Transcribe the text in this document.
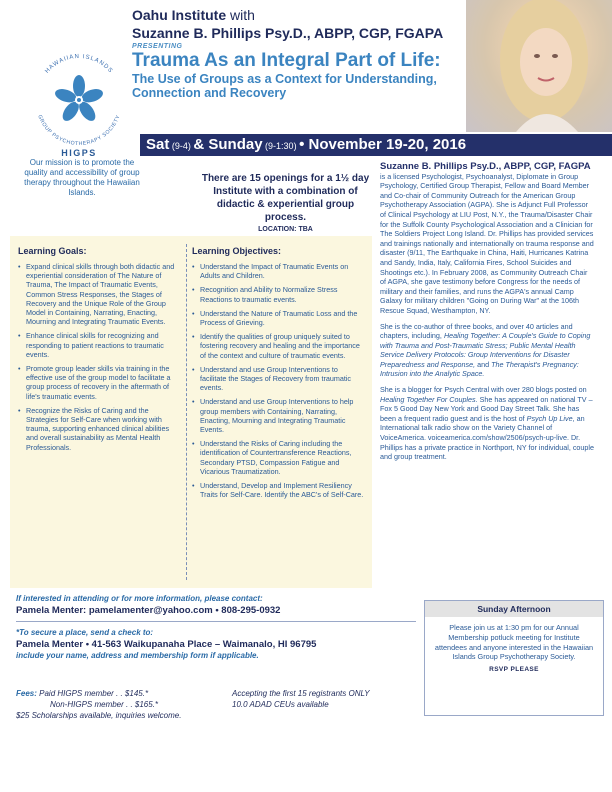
HAWAIIAN ISLANDS
GROUP PSYCHOTHERAPY SOCIETY
HIGPS
Oahu Institute with
Suzanne B. Phillips Psy.D., ABPP, CGP, FGAPA
PRESENTING
Trauma As an Integral Part of Life:
The Use of Groups as a Context for Understanding, Connection and Recovery
Sat (9-4) & Sunday (9-1:30) • November 19-20, 2016
Our mission is to promote the quality and accessibility of group therapy throughout the Hawaiian Islands.
There are 15 openings for a 1½ day Institute with a combination of didactic & experiential group process.
LOCATION: TBA

Suzanne B. Phillips Psy.D., ABPP, CGP, FAGPA is a licensed Psychologist, Psychoanalyst, Diplomate in Group Psychology, Certified Group Therapist, Fellow and Board Member and Co-chair of Community Outreach for the American Group Psychotherapy Association (AGPA). She is Adjunct Full Professor of Clinical Psychology at LIU Post, N.Y., the Trauma/Disaster Chair for the Suffolk County Psychological Association and a Clinician for The Soldiers Project Long Island. Dr. Phillips has provided services and trainings nationally and internationally on trauma response and disaster (9/11, The Earthquake in China, Haiti, Hurricanes Katrina and Sandy, India, Italy, California Fires, School Suicides and Shootings etc.). In February 2008, as Community Outreach Chair of AGPA, she gave testimony before Congress for the needs of military and their families, and runs the AGPA's annual Camp Galaxy for military children "Going on During War" at the 106th Rescue Squad, Westhampton, NY.

She is the co-author of three books, and over 40 articles and chapters, including, Healing Together: A Couple's Guide to Coping with Trauma and Post-Traumatic Stress; Public Mental Health Service Delivery Protocols: Group Interventions for Disaster Preparedness and Response, and The Therapist's Pregnancy: Intrusion into the Analytic Space.

She is a blogger for Psych Central with over 280 blogs posted on Healing Together For Couples. She has appeared on national TV – Fox 5 Good Day New York and Good Day Street Talk. She has been a frequent radio guest and is the host of Psych Up Live, an International talk radio show on the Variety Channel of VoiceAmerica. voiceamerica.com/show/2506/psych-up-live. Dr. Phillips has a private practice in Northport, NY for individual, couple and group treatment.

Learning Goals:
• Expand clinical skills through both didactic and experiential consideration of The Nature of Trauma, The Impact of Traumatic Events, Common Stress Responses, the Stages of Recovery and the Unique Role of the Group Model in Containing, Narrating, Enacting, Mourning and Integrating Traumatic Events.
• Enhance clinical skills for recognizing and responding to patient reactions to traumatic events.
• Promote group leader skills via training in the effective use of the group model to facilitate a group process of recovery in the aftermath of life's traumatic events.
• Recognize the Risks of Caring and the Strategies for Self-Care when working with trauma, supporting enhanced clinical abilities and overall sustainability as Mental Health Professionals.
Learning Objectives:
• Understand the Impact of Traumatic Events on Adults and Children.
• Recognition and Ability to Normalize Stress Reactions to traumatic events.
• Understand the Nature of Traumatic Loss and the Process of Grieving.
• Identify the qualities of group uniquely suited to fostering recovery and healing and the importance of the context and culture of traumatic events.
• Understand and use Group Interventions to facilitate the Stages of Recovery from traumatic events.
• Understand and use Group Interventions to help group members with Containing, Narrating, Enacting, Mourning and Integrating Traumatic Events.
• Understand the Risks of Caring including the identification of Countertransference Reactions, Secondary PTSD, Compassion Fatigue and Vicarious Traumatization.
• Understand, Develop and Implement Resiliency Traits for Self-Care. Identify the ABC's of Self-Care.
If interested in attending or for more information, please contact:
Pamela Menter: pamelamenter@yahoo.com • 808-295-0932
*To secure a place, send a check to:
Pamela Menter • 41-563 Waikupanaha Place – Waimanalo, HI 96795
include your name, address and membership form if applicable.
Fees: Paid HIGPS member . . $145.*
Non-HIGPS member . . $165.*
$25 Scholarships available, inquiries welcome.
Accepting the first 15 registrants ONLY
10.0 ADAD CEUs available
Sunday Afternoon
Please join us at 1:30 pm for our Annual Membership potluck meeting for Institute attendees and anyone interested in the Hawaiian Islands Group Psychotherapy Society.
RSVP PLEASE
